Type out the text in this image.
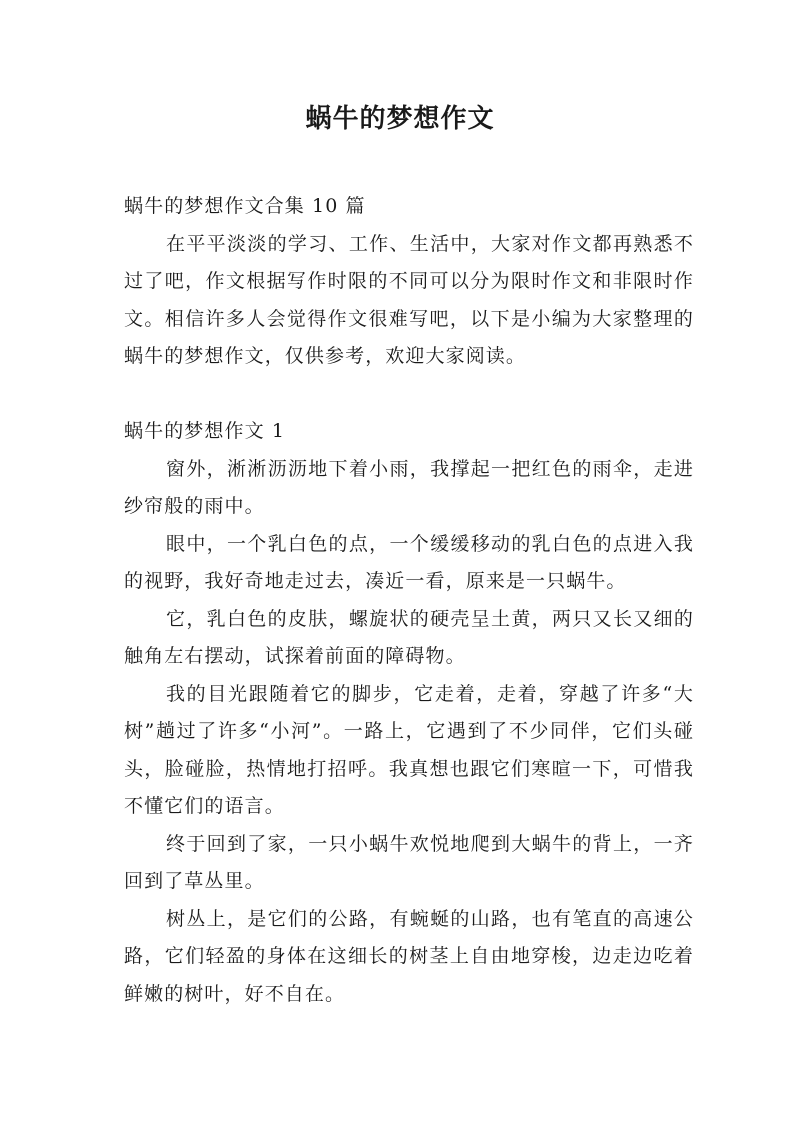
蜗牛的梦想作文

蜗牛的梦想作文合集 10 篇

在平平淡淡的学习、工作、生活中，大家对作文都再熟悉不过了吧，作文根据写作时限的不同可以分为限时作文和非限时作文。相信许多人会觉得作文很难写吧，以下是小编为大家整理的蜗牛的梦想作文，仅供参考，欢迎大家阅读。

蜗牛的梦想作文 1

窗外，淅淅沥沥地下着小雨，我撑起一把红色的雨伞，走进纱帘般的雨中。

眼中，一个乳白色的点，一个缓缓移动的乳白色的点进入我的视野，我好奇地走过去，凑近一看，原来是一只蜗牛。

它，乳白色的皮肤，螺旋状的硬壳呈土黄，两只又长又细的触角左右摆动，试探着前面的障碍物。

我的目光跟随着它的脚步，它走着，走着，穿越了许多“大树”趟过了许多“小河”。一路上，它遇到了不少同伴，它们头碰头，脸碰脸，热情地打招呼。我真想也跟它们寒暄一下，可惜我不懂它们的语言。

终于回到了家，一只小蜗牛欢悦地爬到大蜗牛的背上，一齐回到了草丛里。

树丛上，是它们的公路，有蜿蜒的山路，也有笔直的高速公路，它们轻盈的身体在这细长的树茎上自由地穿梭，边走边吃着鲜嫩的树叶，好不自在。
